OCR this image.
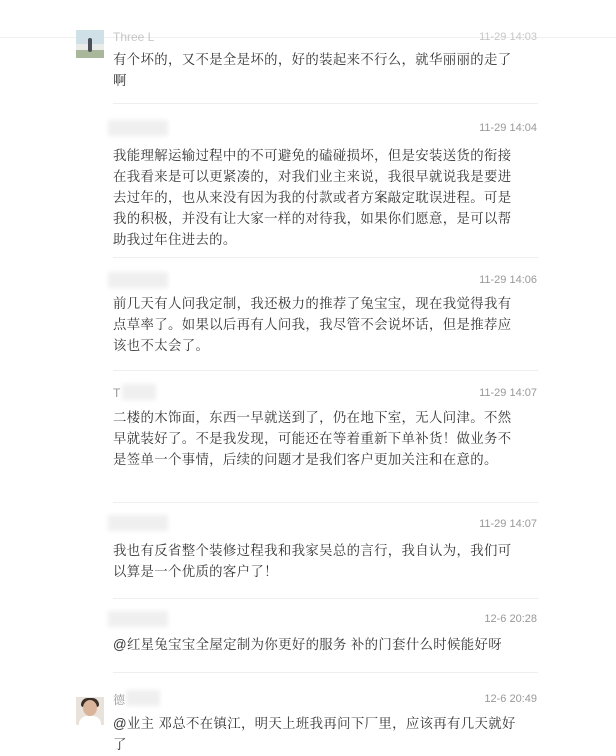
Three L	11-29 14:03
有个坏的，又不是全是坏的，好的装起来不行么，就华丽丽的走了啊
11-29 14:04
我能理解运输过程中的不可避免的磕碰损坏，但是安装送货的衔接在我看来是可以更紧凑的，对我们业主来说，我很早就说我是要进去过年的，也从来没有因为我的付款或者方案敲定耽误进程。可是我的积极，并没有让大家一样的对待我，如果你们愿意，是可以帮助我过年住进去的。
11-29 14:06
前几天有人问我定制，我还极力的推荐了兔宝宝，现在我觉得我有点草率了。如果以后再有人问我，我尽管不会说坏话，但是推荐应该也不太会了。
T	11-29 14:07
二楼的木饰面，东西一早就送到了，仍在地下室，无人问津。不然早就装好了。不是我发现，可能还在等着重新下单补货！做业务不是签单一个事情，后续的问题才是我们客户更加关注和在意的。
11-29 14:07
我也有反省整个装修过程我和我家吴总的言行，我自认为，我们可以算是一个优质的客户了！
12-6 20:28
@红星兔宝宝全屋定制为你更好的服务 补的门套什么时候能好呀
德	12-6 20:49
@业主 邓总不在镇江，明天上班我再问下厂里，应该再有几天就好了
